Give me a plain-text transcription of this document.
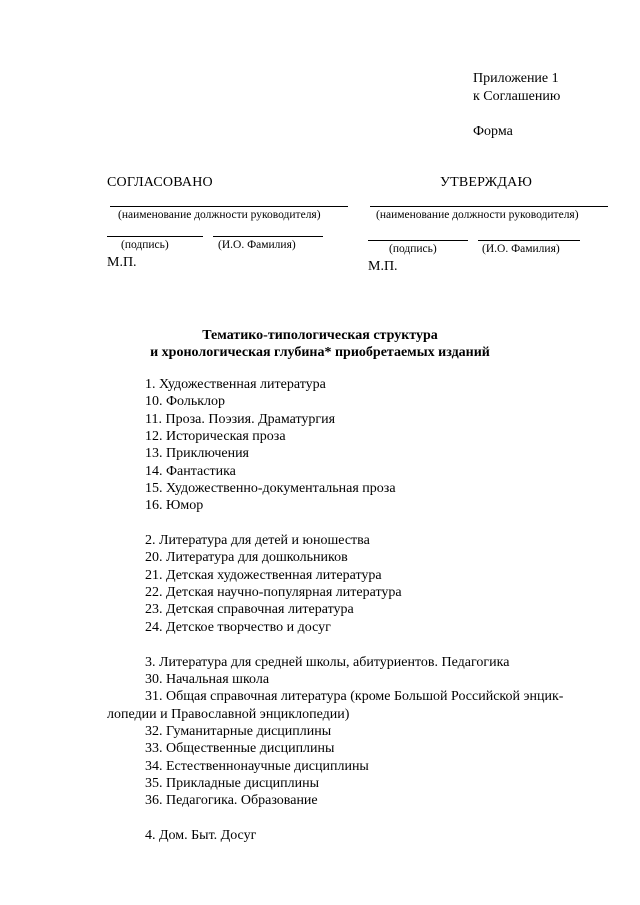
Приложение 1
к Соглашению
Форма
СОГЛАСОВАНО
(наименование должности руководителя)
(подпись)	(И.О. Фамилия)
М.П.
УТВЕРЖДАЮ
(наименование должности руководителя)
(подпись)	(И.О. Фамилия)
М.П.
Тематико-типологическая структура
и хронологическая глубина* приобретаемых изданий
1. Художественная литература
10. Фольклор
11. Проза. Поэзия. Драматургия
12. Историческая проза
13. Приключения
14. Фантастика
15. Художественно-документальная проза
16. Юмор
2. Литература для детей и юношества
20. Литература для дошкольников
21. Детская художественная литература
22. Детская научно-популярная литература
23. Детская справочная литература
24. Детское творчество и досуг
3. Литература для средней школы, абитуриентов. Педагогика
30. Начальная школа
31. Общая справочная литература (кроме Большой Российской энцик-
лопедии и Православной энциклопедии)
32. Гуманитарные дисциплины
33. Общественные дисциплины
34. Естественнонаучные дисциплины
35. Прикладные дисциплины
36. Педагогика. Образование
4. Дом. Быт. Досуг
